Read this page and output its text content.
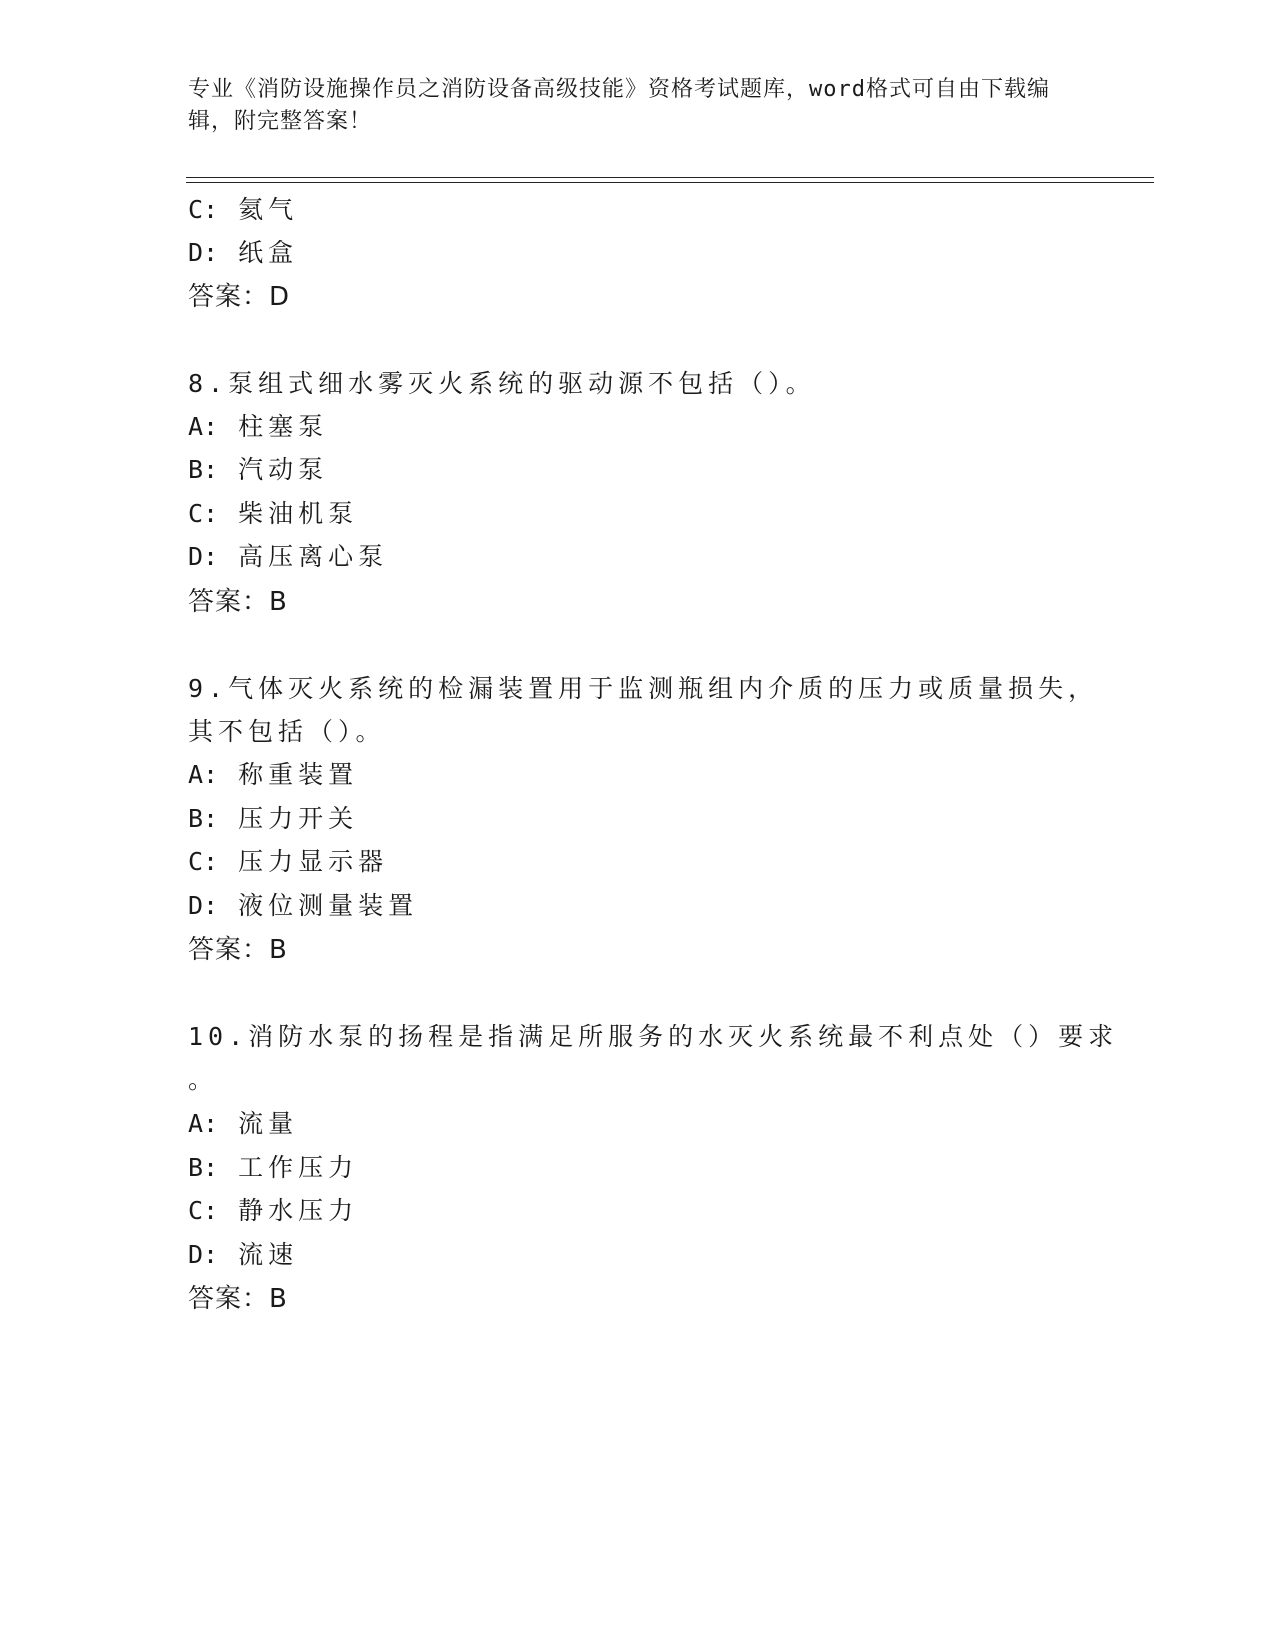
专业《消防设施操作员之消防设备高级技能》资格考试题库，word格式可自由下载编辑，附完整答案！
C: 氦气
D: 纸盒
答案：D
8.泵组式细水雾灭火系统的驱动源不包括（）。
A: 柱塞泵
B: 汽动泵
C: 柴油机泵
D: 高压离心泵
答案：B
9.气体灭火系统的检漏装置用于监测瓶组内介质的压力或质量损失，
其不包括（）。
A: 称重装置
B: 压力开关
C: 压力显示器
D: 液位测量装置
答案：B
10.消防水泵的扬程是指满足所服务的水灭火系统最不利点处（）要求
。
A: 流量
B: 工作压力
C: 静水压力
D: 流速
答案：B
